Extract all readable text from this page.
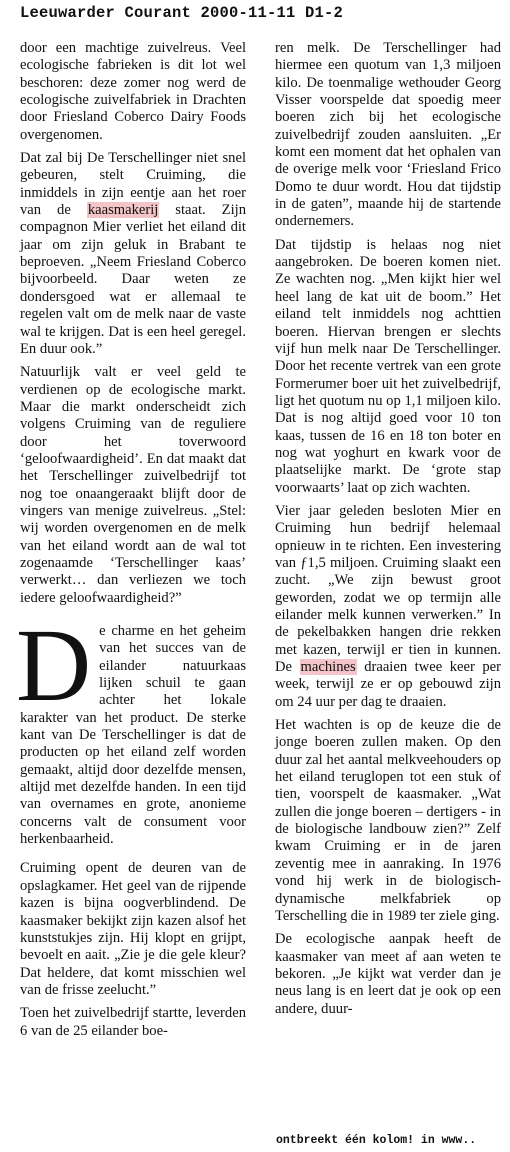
Leeuwarder Courant 2000-11-11 D1-2

door een machtige zuivelreus. Veel ecologische fabrieken is dit lot wel beschoren: deze zomer nog werd de ecologische zuivelfabriek in Drachten door Friesland Coberco Dairy Foods overgenomen.

Dat zal bij De Terschellinger niet snel gebeuren, stelt Cruiming, die inmiddels in zijn eentje aan het roer van de kaasmakerij staat. Zijn compagnon Mier verliet het eiland dit jaar om zijn geluk in Brabant te beproeven. „Neem Friesland Coberco bijvoorbeeld. Daar weten ze dondersgoed wat er allemaal te regelen valt om de melk naar de vaste wal te krijgen. Dat is een heel geregel. En duur ook.”

Natuurlijk valt er veel geld te verdienen op de ecologische markt. Maar die markt onderscheidt zich volgens Cruiming van de reguliere door het toverwoord ‘geloofwaardigheid’. En dat maakt dat het Terschellinger zuivelbedrijf tot nog toe onaangeraakt blijft door de vingers van menige zuivelreus. „Stel: wij worden overgenomen en de melk van het eiland wordt aan de wal tot zogenaamde ‘Terschellinger kaas’ verwerkt… dan verliezen we toch iedere geloofwaardigheid?”

De charme en het geheim van het succes van de eilander natuurkaas lijken schuil te gaan achter het lokale karakter van het product. De sterke kant van De Terschellinger is dat de producten op het eiland zelf worden gemaakt, altijd door dezelfde mensen, altijd met dezelfde handen. In een tijd van overnames en grote, anonieme concerns valt de consument voor herkenbaarheid.

Cruiming opent de deuren van de opslagkamer. Het geel van de rijpende kazen is bijna oogverblindend. De kaasmaker bekijkt zijn kazen alsof het kunststukjes zijn. Hij klopt en grijpt, bevoelt en aait. „Zie je die gele kleur? Dat heldere, dat komt misschien wel van de frisse zeelucht.”

Toen het zuivelbedrijf startte, leverden 6 van de 25 eilander boe-

ren melk. De Terschellinger had hiermee een quotum van 1,3 miljoen kilo. De toenmalige wethouder Georg Visser voorspelde dat spoedig meer boeren zich bij het ecologische zuivelbedrijf zouden aansluiten. „Er komt een moment dat het ophalen van de overige melk voor ‘Friesland Frico Domo te duur wordt. Hou dat tijdstip in de gaten”, maande hij de startende ondernemers.

Dat tijdstip is helaas nog niet aangebroken. De boeren komen niet. Ze wachten nog. „Men kijkt hier wel heel lang de kat uit de boom.” Het eiland telt inmiddels nog achttien boeren. Hiervan brengen er slechts vijf hun melk naar De Terschellinger. Door het recente vertrek van een grote Formerumer boer uit het zuivelbedrijf, ligt het quotum nu op 1,1 miljoen kilo. Dat is nog altijd goed voor 10 ton kaas, tussen de 16 en 18 ton boter en nog wat yoghurt en kwark voor de plaatselijke markt. De ‘grote stap voorwaarts’ laat op zich wachten.

Vier jaar geleden besloten Mier en Cruiming hun bedrijf helemaal opnieuw in te richten. Een investering van ƒ1,5 miljoen. Cruiming slaakt een zucht. „We zijn bewust groot geworden, zodat we op termijn alle eilander melk kunnen verwerken.” In de pekelbakken hangen drie rekken met kazen, terwijl er tien in kunnen. De machines draaien twee keer per week, terwijl ze er op gebouwd zijn om 24 uur per dag te draaien.

Het wachten is op de keuze die de jonge boeren zullen maken. Op den duur zal het aantal melkveehouders op het eiland teruglopen tot een stuk of tien, voorspelt de kaasmaker. „Wat zullen die jonge boeren – dertigers - in de biologische landbouw zien?” Zelf kwam Cruiming er in de jaren zeventig mee in aanraking. In 1976 vond hij werk in de biologisch-dynamische melkfabriek op Terschelling die in 1989 ter ziele ging.

De ecologische aanpak heeft de kaasmaker van meet af aan weten te bekoren. „Je kijkt wat verder dan je neus lang is en leert dat je ook op een andere, duur-

ontbreekt één kolom! in www..
